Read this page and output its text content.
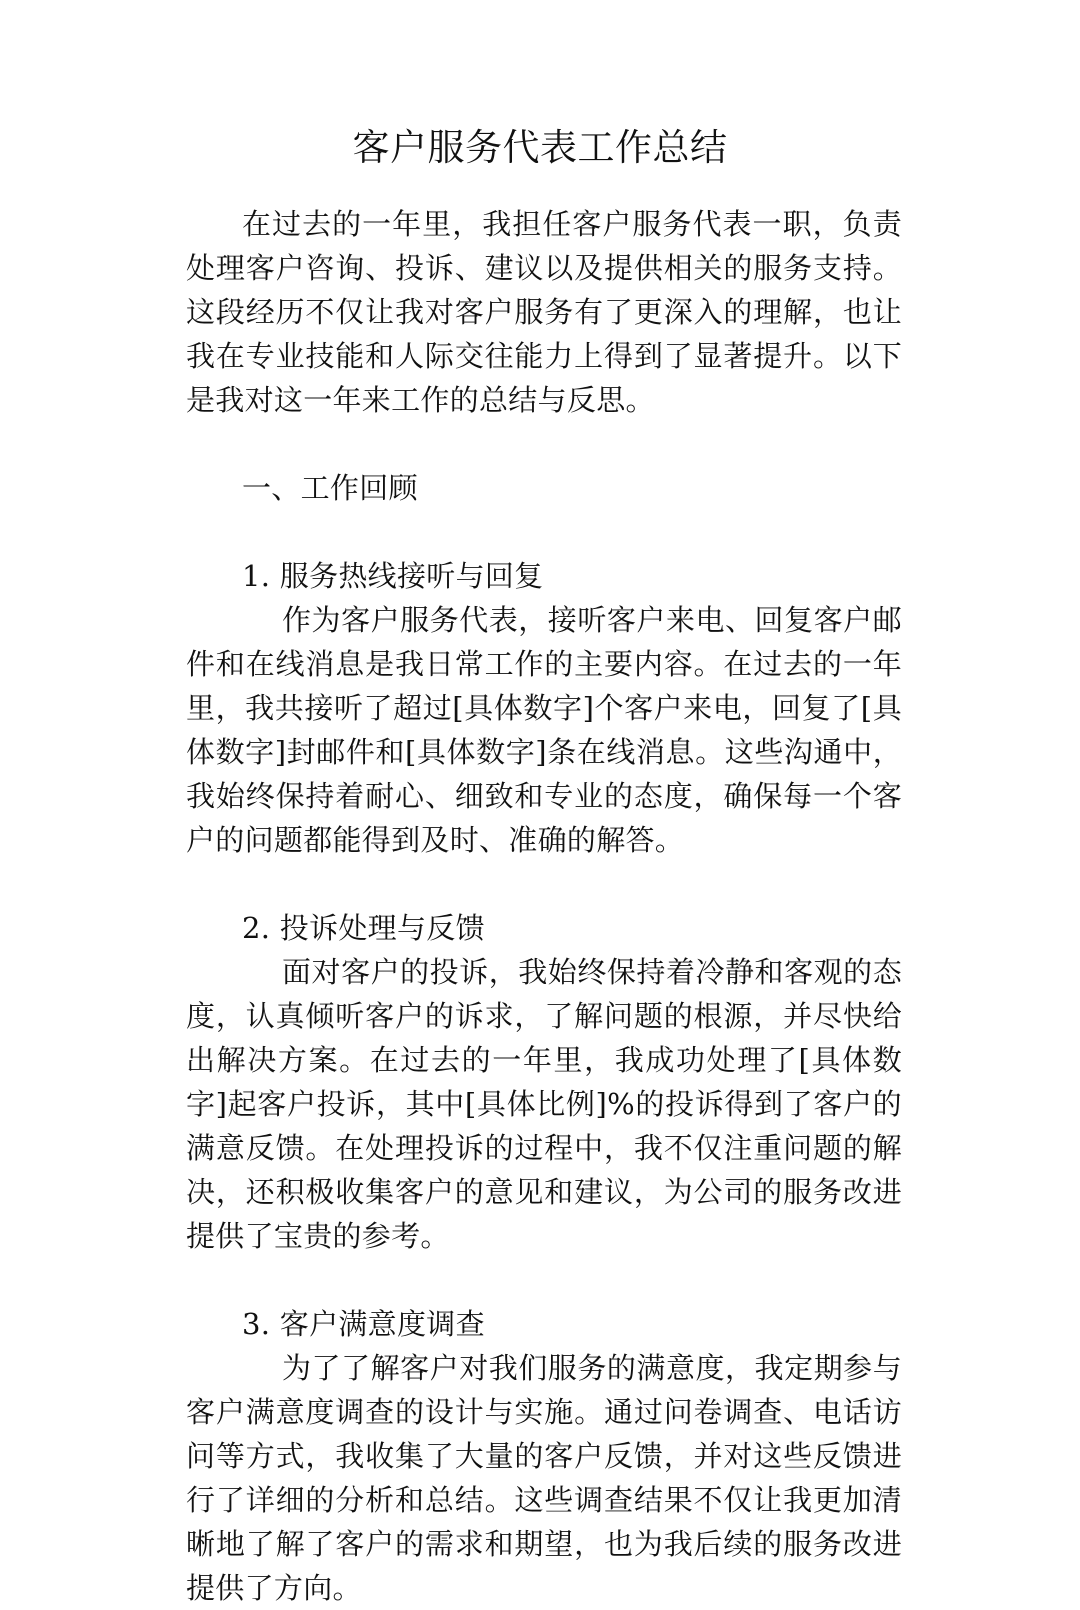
客户服务代表工作总结

在过去的一年里，我担任客户服务代表一职，负责处理客户咨询、投诉、建议以及提供相关的服务支持。这段经历不仅让我对客户服务有了更深入的理解，也让我在专业技能和人际交往能力上得到了显著提升。以下是我对这一年来工作的总结与反思。

一、工作回顾

1. 服务热线接听与回复

作为客户服务代表，接听客户来电、回复客户邮件和在线消息是我日常工作的主要内容。在过去的一年里，我共接听了超过[具体数字]个客户来电，回复了[具体数字]封邮件和[具体数字]条在线消息。这些沟通中，我始终保持着耐心、细致和专业的态度，确保每一个客户的问题都能得到及时、准确的解答。

2. 投诉处理与反馈

面对客户的投诉，我始终保持着冷静和客观的态度，认真倾听客户的诉求，了解问题的根源，并尽快给出解决方案。在过去的一年里，我成功处理了[具体数字]起客户投诉，其中[具体比例]%的投诉得到了客户的满意反馈。在处理投诉的过程中，我不仅注重问题的解决，还积极收集客户的意见和建议，为公司的服务改进提供了宝贵的参考。

3. 客户满意度调查

为了了解客户对我们服务的满意度，我定期参与客户满意度调查的设计与实施。通过问卷调查、电话访问等方式，我收集了大量的客户反馈，并对这些反馈进行了详细的分析和总结。这些调查结果不仅让我更加清晰地了解了客户的需求和期望，也为我后续的服务改进提供了方向。
